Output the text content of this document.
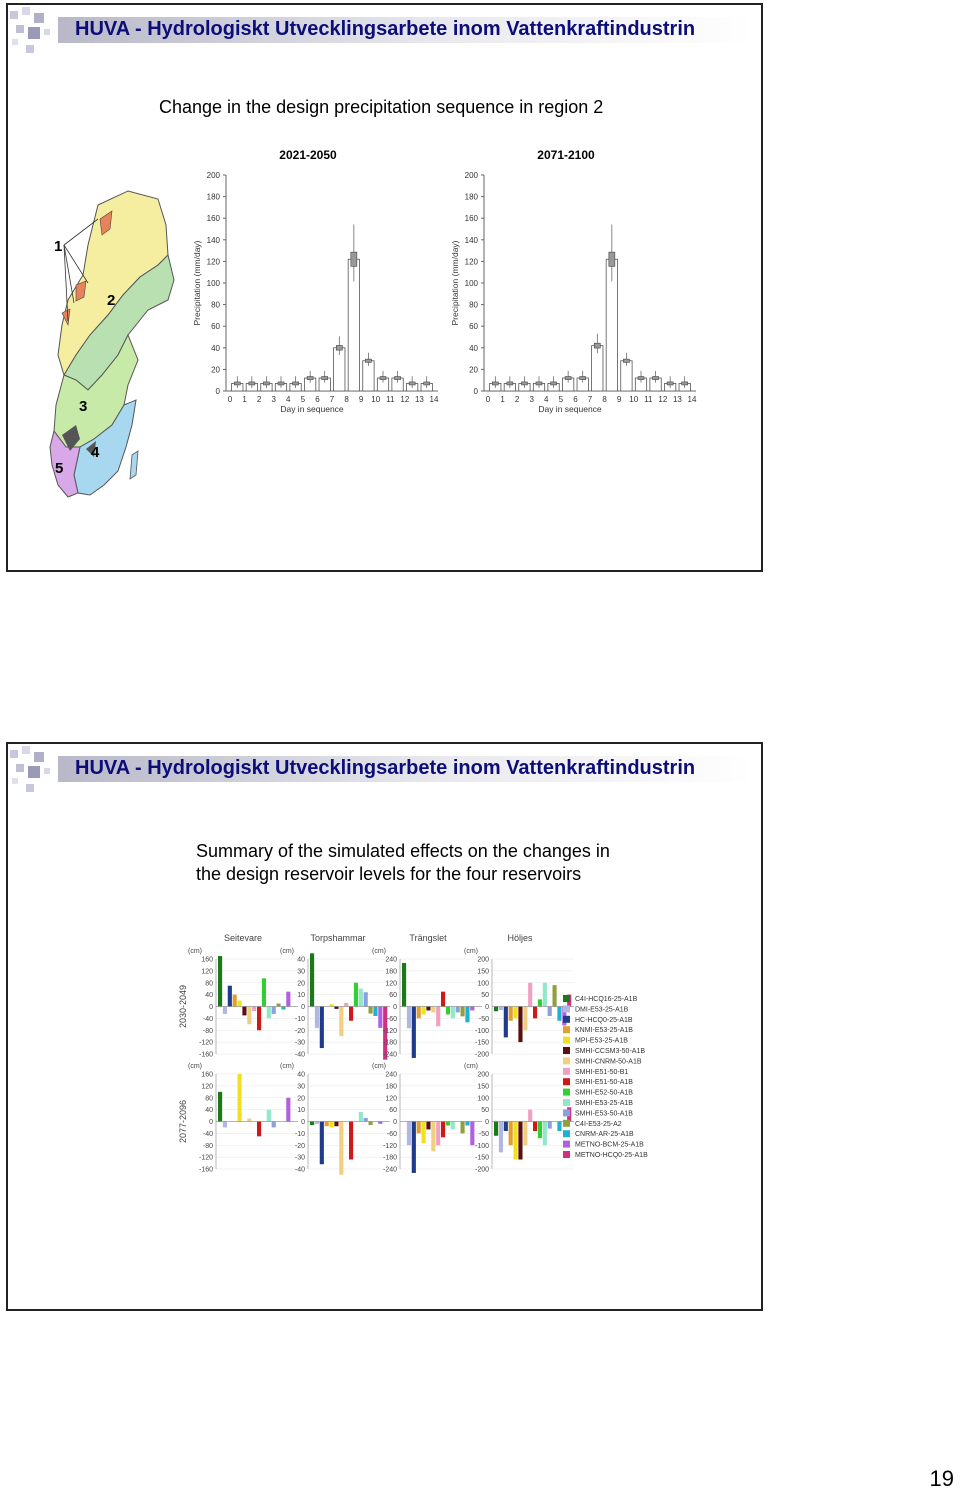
HUVA - Hydrologiskt Utvecklingsarbete inom Vattenkraftindustrin
Change in the design precipitation sequence in region 2
1
2
3
4
5
2021-2050
0
20
40
60
80
100
120
140
160
180
200
0 1 2 3 4 5 6 7 8 9 10 11 12 13 14
Day in sequence
Precipitation (mm/day)
2071-2100
0
20
40
60
80
100
120
140
160
180
200
0 1 2 3 4 5 6 7 8 9 10 11 12 13 14
Day in sequence
Precipitation (mm/day)
HUVA - Hydrologiskt Utvecklingsarbete inom Vattenkraftindustrin
Summary of the simulated effects on the changes in
the design reservoir levels for the four reservoirs
Seitevare	Torpshammar	Trängslet	Höljes
2030-2049
2077-2096
(cm)
160
120
80
40
0
-40
-80
-120
-160
(cm)
40
30
20
10
0
-10
-20
-30
-40
(cm)
240
180
120
60
0
-60
-120
-180
-240
(cm)
200
150
100
50
0
-50
-100
-150
-200
(cm)
160
120
80
40
0
-40
-80
-120
-160
(cm)
40
30
20
10
0
-10
-20
-30
-40
(cm)
240
180
120
60
0
-60
-120
-180
-240
(cm)
200
150
100
50
0
-50
-100
-150
-200
C4I-HCQ16-25-A1B
DMI-E53-25-A1B
HC-HCQ0-25-A1B
KNMI-E53-25-A1B
MPI-E53-25-A1B
SMHI-CCSM3-50-A1B
SMHI-CNRM-50-A1B
SMHI-E51-50-B1
SMHI-E51-50-A1B
SMHI-E52-50-A1B
SMHI-E53-25-A1B
SMHI-E53-50-A1B
C4I-E53-25-A2
CNRM-AR-25-A1B
METNO-BCM-25-A1B
METNO-HCQ0-25-A1B
19
